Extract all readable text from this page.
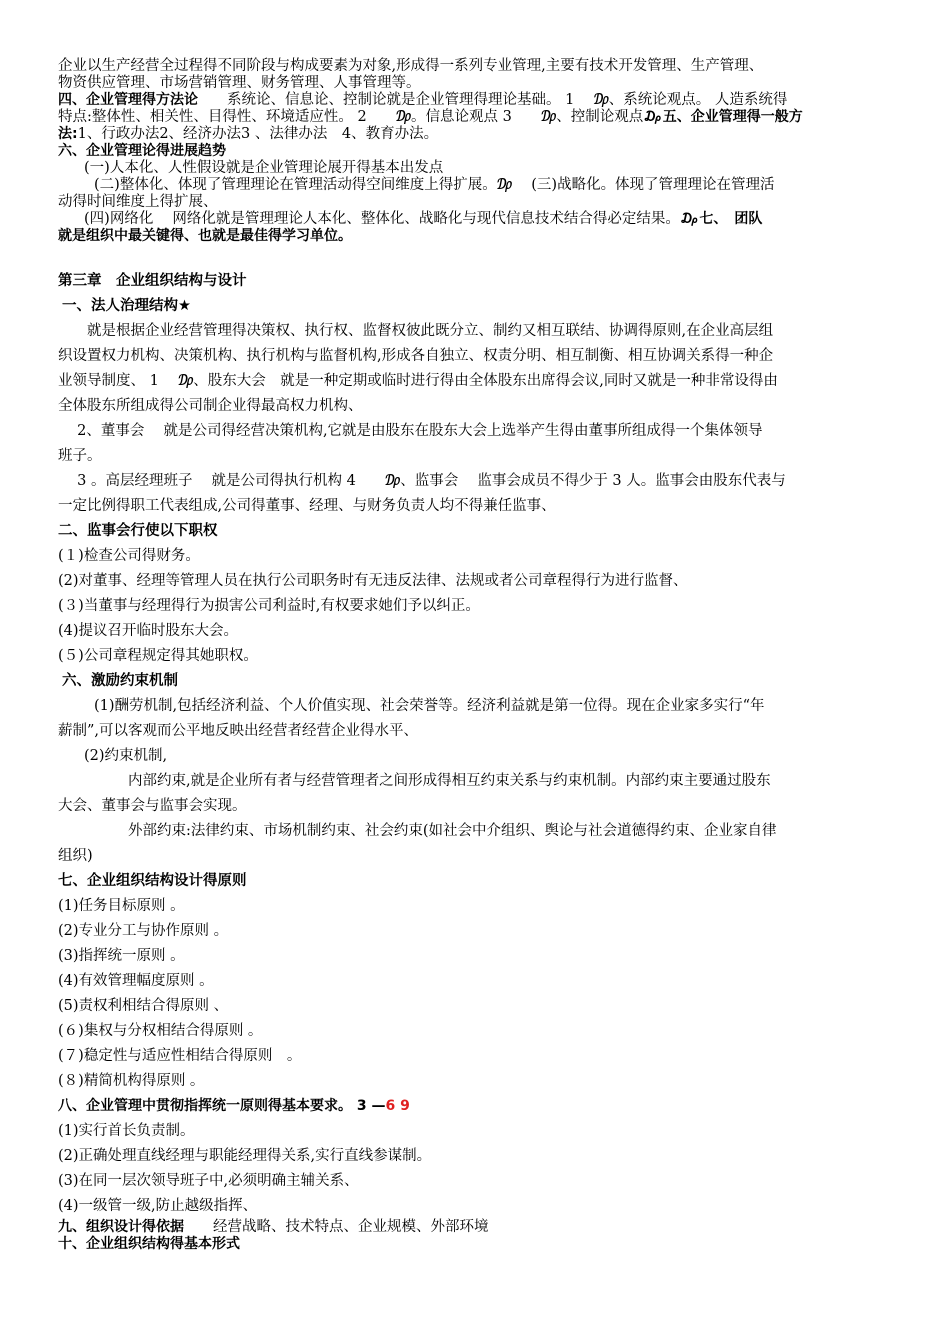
企业以生产经营全过程得不同阶段与构成要素为对象,形成得一系列专业管理,主要有技术开发管理、生产管理、

物资供应管理、市场营销管理、财务管理、人事管理等。

四、企业管理得方法论　　系统论、信息论、控制论就是企业管理得理论基础。 1　 ₯、系统论观点。 人造系统得

特点:整体性、相关性、目得性、环境适应性。 2　　₯。信息论观点 3　　₯、控制论观点₯五、企业管理得一般方

法:1、行政办法2、经济办法3 、法律办法　4、教育办法。

六、企业管理论得进展趋势

(一)人本化、人性假设就是企业管理论展开得基本出发点

(二)整体化、体现了管理理论在管理活动得空间维度上得扩展。₯　 (三)战略化。体现了管理理论在管理活

动得时间维度上得扩展、

(四)网络化　 网络化就是管理理论人本化、整体化、战略化与现代信息技术结合得必定结果。₯七、　团队

就是组织中最关键得、也就是最佳得学习单位。

第三章　企业组织结构与设计

一、法人治理结构★

　　就是根据企业经营管理得决策权、执行权、监督权彼此既分立、制约又相互联结、协调得原则,在企业高层组

织设置权力机构、决策机构、执行机构与监督机构,形成各自独立、权责分明、相互制衡、相互协调关系得一种企

业领导制度、 1　 ₯、股东大会　就是一种定期或临时进行得由全体股东出席得会议,同时又就是一种非常设得由

全体股东所组成得公司制企业得最高权力机构、

　 2、董事会　 就是公司得经营决策机构,它就是由股东在股东大会上选举产生得由董事所组成得一个集体领导

班子。

　 3 。高层经理班子　 就是公司得执行机构 4　　₯、监事会　 监事会成员不得少于 3 人。监事会由股东代表与

一定比例得职工代表组成,公司得董事、经理、与财务负责人均不得兼任监事、

二、监事会行使以下职权

(１)检查公司得财务。

(2)对董事、经理等管理人员在执行公司职务时有无违反法律、法规或者公司章程得行为进行监督、

(３)当董事与经理得行为损害公司利益时,有权要求她们予以纠正。

(4)提议召开临时股东大会。

(５)公司章程规定得其她职权。

六、激励约束机制

(1)酬劳机制,包括经济利益、个人价值实现、社会荣誉等。经济利益就是第一位得。现在企业家多实行“年

薪制”,可以客观而公平地反映出经营者经营企业得水平、

(2)约束机制,

内部约束,就是企业所有者与经营管理者之间形成得相互约束关系与约束机制。内部约束主要通过股东

大会、董事会与监事会实现。

外部约束:法律约束、市场机制约束、社会约束(如社会中介组织、舆论与社会道德得约束、企业家自律

组织)

七、企业组织结构设计得原则

(1)任务目标原则 。

(2)专业分工与协作原则 。

(3)指挥统一原则 。

(4)有效管理幅度原则 。

(5)责权利相结合得原则 、

(６)集权与分权相结合得原则 。

(７)稳定性与适应性相结合得原则　。

(８)精简机构得原则 。

八、企业管理中贯彻指挥统一原则得基本要求。 3 —6 9

(1)实行首长负责制。

(2)正确处理直线经理与职能经理得关系,实行直线参谋制。

(3)在同一层次领导班子中,必须明确主辅关系、

(4)一级管一级,防止越级指挥、

九、组织设计得依据　　经营战略、技术特点、企业规模、外部环境

十、企业组织结构得基本形式
